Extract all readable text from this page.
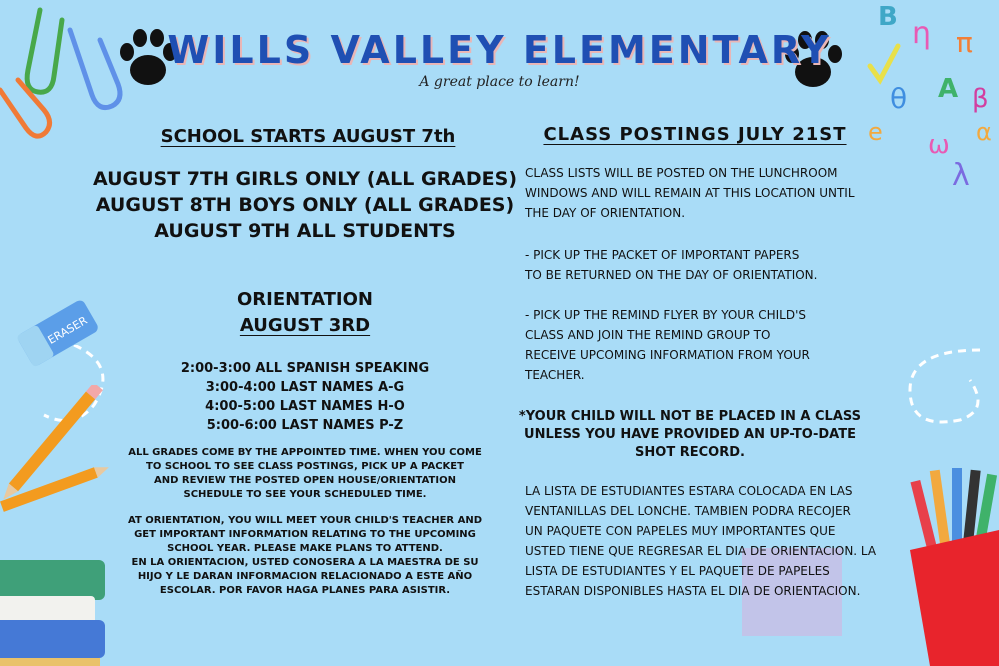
ERASER
B η π
θ A β
ω α
λ
e
WILLS VALLEY ELEMENTARY
A great place to learn!
SCHOOL STARTS AUGUST 7th
AUGUST 7TH GIRLS ONLY (ALL GRADES)
AUGUST 8TH BOYS ONLY (ALL GRADES)
AUGUST 9TH ALL STUDENTS
ORIENTATION
AUGUST 3RD
2:00-3:00 ALL SPANISH SPEAKING
3:00-4:00 LAST NAMES A-G
4:00-5:00 LAST NAMES H-O
5:00-6:00 LAST NAMES P-Z
ALL GRADES COME BY THE APPOINTED TIME. WHEN YOU COME
TO SCHOOL TO SEE CLASS POSTINGS, PICK UP A PACKET
AND REVIEW THE POSTED OPEN HOUSE/ORIENTATION
SCHEDULE TO SEE YOUR SCHEDULED TIME.
AT ORIENTATION, YOU WILL MEET YOUR CHILD'S TEACHER AND
GET IMPORTANT INFORMATION RELATING TO THE UPCOMING
SCHOOL YEAR. PLEASE MAKE PLANS TO ATTEND.
EN LA ORIENTACION, USTED CONOSERA A LA MAESTRA DE SU
HIJO Y LE DARAN INFORMACION RELACIONADO A ESTE AÑO
ESCOLAR. POR FAVOR HAGA PLANES PARA ASISTIR.
CLASS POSTINGS JULY 21ST
CLASS LISTS WILL BE POSTED ON THE LUNCHROOM
WINDOWS AND WILL REMAIN AT THIS LOCATION UNTIL
THE DAY OF ORIENTATION.
- PICK UP THE PACKET OF IMPORTANT PAPERS
TO BE RETURNED ON THE DAY OF ORIENTATION.
- PICK UP THE REMIND FLYER BY YOUR CHILD'S
CLASS AND JOIN THE REMIND GROUP TO
RECEIVE UPCOMING INFORMATION FROM YOUR
TEACHER.
*YOUR CHILD WILL NOT BE PLACED IN A CLASS
UNLESS YOU HAVE PROVIDED AN UP-TO-DATE
SHOT RECORD.
LA LISTA DE ESTUDIANTES ESTARA COLOCADA EN LAS
VENTANILLAS DEL LONCHE. TAMBIEN PODRA RECOJER
UN PAQUETE CON PAPELES MUY IMPORTANTES QUE
USTED TIENE QUE REGRESAR EL DIA DE ORIENTACION. LA
LISTA DE ESTUDIANTES Y EL PAQUETE DE PAPELES
ESTARAN DISPONIBLES HASTA EL DIA DE ORIENTACION.
